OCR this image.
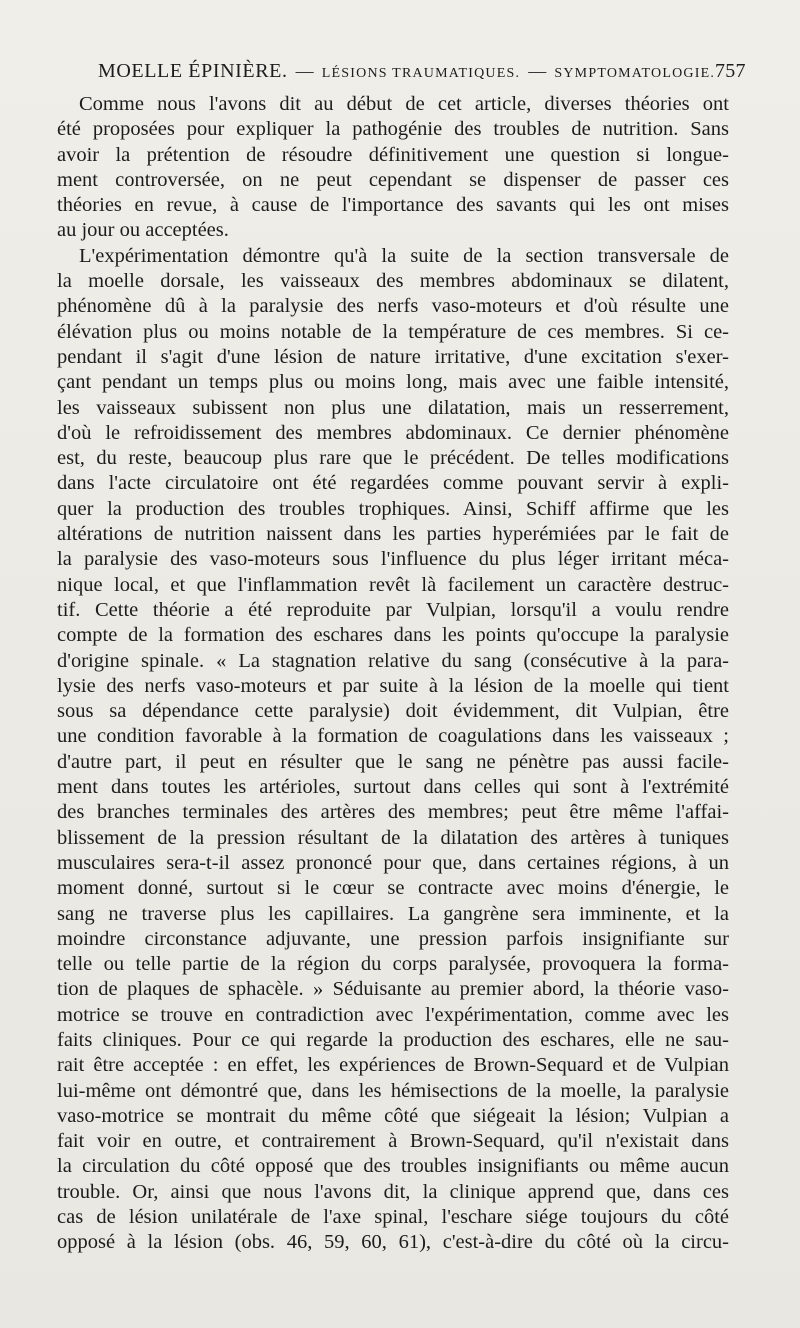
MOELLE ÉPINIÈRE. — LÉSIONS TRAUMATIQUES. — SYMPTOMATOLOGIE. 757
Comme nous l'avons dit au début de cet article, diverses théories ont
été proposées pour expliquer la pathogénie des troubles de nutrition. Sans
avoir la prétention de résoudre définitivement une question si longue-
ment controversée, on ne peut cependant se dispenser de passer ces
théories en revue, à cause de l'importance des savants qui les ont mises
au jour ou acceptées.
L'expérimentation démontre qu'à la suite de la section transversale de
la moelle dorsale, les vaisseaux des membres abdominaux se dilatent,
phénomène dû à la paralysie des nerfs vaso-moteurs et d'où résulte une
élévation plus ou moins notable de la température de ces membres. Si ce-
pendant il s'agit d'une lésion de nature irritative, d'une excitation s'exer-
çant pendant un temps plus ou moins long, mais avec une faible intensité,
les vaisseaux subissent non plus une dilatation, mais un resserrement,
d'où le refroidissement des membres abdominaux. Ce dernier phénomène
est, du reste, beaucoup plus rare que le précédent. De telles modifications
dans l'acte circulatoire ont été regardées comme pouvant servir à expli-
quer la production des troubles trophiques. Ainsi, Schiff affirme que les
altérations de nutrition naissent dans les parties hyperémiées par le fait de
la paralysie des vaso-moteurs sous l'influence du plus léger irritant méca-
nique local, et que l'inflammation revêt là facilement un caractère destruc-
tif. Cette théorie a été reproduite par Vulpian, lorsqu'il a voulu rendre
compte de la formation des eschares dans les points qu'occupe la paralysie
d'origine spinale. « La stagnation relative du sang (consécutive à la para-
lysie des nerfs vaso-moteurs et par suite à la lésion de la moelle qui tient
sous sa dépendance cette paralysie) doit évidemment, dit Vulpian, être
une condition favorable à la formation de coagulations dans les vaisseaux ;
d'autre part, il peut en résulter que le sang ne pénètre pas aussi facile-
ment dans toutes les artérioles, surtout dans celles qui sont à l'extrémité
des branches terminales des artères des membres; peut être même l'affai-
blissement de la pression résultant de la dilatation des artères à tuniques
musculaires sera-t-il assez prononcé pour que, dans certaines régions, à un
moment donné, surtout si le cœur se contracte avec moins d'énergie, le
sang ne traverse plus les capillaires. La gangrène sera imminente, et la
moindre circonstance adjuvante, une pression parfois insignifiante sur
telle ou telle partie de la région du corps paralysée, provoquera la forma-
tion de plaques de sphacèle. » Séduisante au premier abord, la théorie vaso-
motrice se trouve en contradiction avec l'expérimentation, comme avec les
faits cliniques. Pour ce qui regarde la production des eschares, elle ne sau-
rait être acceptée : en effet, les expériences de Brown-Sequard et de Vulpian
lui-même ont démontré que, dans les hémisections de la moelle, la paralysie
vaso-motrice se montrait du même côté que siégeait la lésion; Vulpian a
fait voir en outre, et contrairement à Brown-Sequard, qu'il n'existait dans
la circulation du côté opposé que des troubles insignifiants ou même aucun
trouble. Or, ainsi que nous l'avons dit, la clinique apprend que, dans ces
cas de lésion unilatérale de l'axe spinal, l'eschare siége toujours du côté
opposé à la lésion (obs. 46, 59, 60, 61), c'est-à-dire du côté où la circu-
